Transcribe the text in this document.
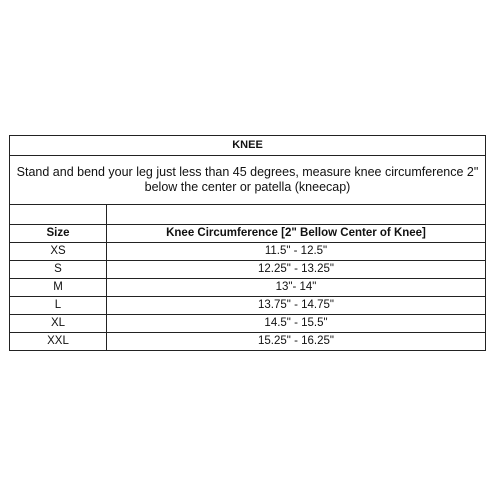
KNEE	
Stand and bend your leg just less than 45 degrees, measure knee circumference 2" below the center or patella (kneecap)	

Size	Knee Circumference [2" Bellow Center of Knee]
XS	11.5" - 12.5"
S	12.25" - 13.25"
M	13"- 14"
L	13.75" - 14.75"
XL	14.5" - 15.5"
XXL	15.25" - 16.25"
